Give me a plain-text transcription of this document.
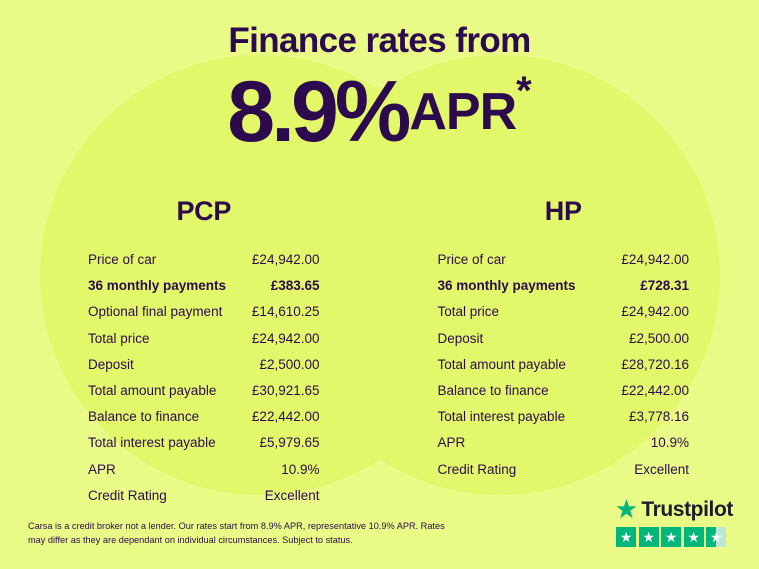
Finance rates from
8.9%APR*
PCP
Price of car	£24,942.00
36 monthly payments	£383.65
Optional final payment £14,610.25
Total price	£24,942.00
Deposit	£2,500.00
Total amount payable	£30,921.65
Balance to finance	£22,442.00
Total interest payable	£5,979.65
APR	10.9%
Credit Rating	Excellent
HP
Price of car	£24,942.00
36 monthly payments	£728.31
Total price	£24,942.00
Deposit	£2,500.00
Total amount payable	£28,720.16
Balance to finance	£22,442.00
Total interest payable	£3,778.16
APR	10.9%
Credit Rating	Excellent
Carsa is a credit broker not a lender. Our rates start from 8.9% APR, representative 10.9% APR. Rates may differ as they are dependant on individual circumstances. Subject to status.
★ Trustpilot
★ ★ ★ ★ ★
